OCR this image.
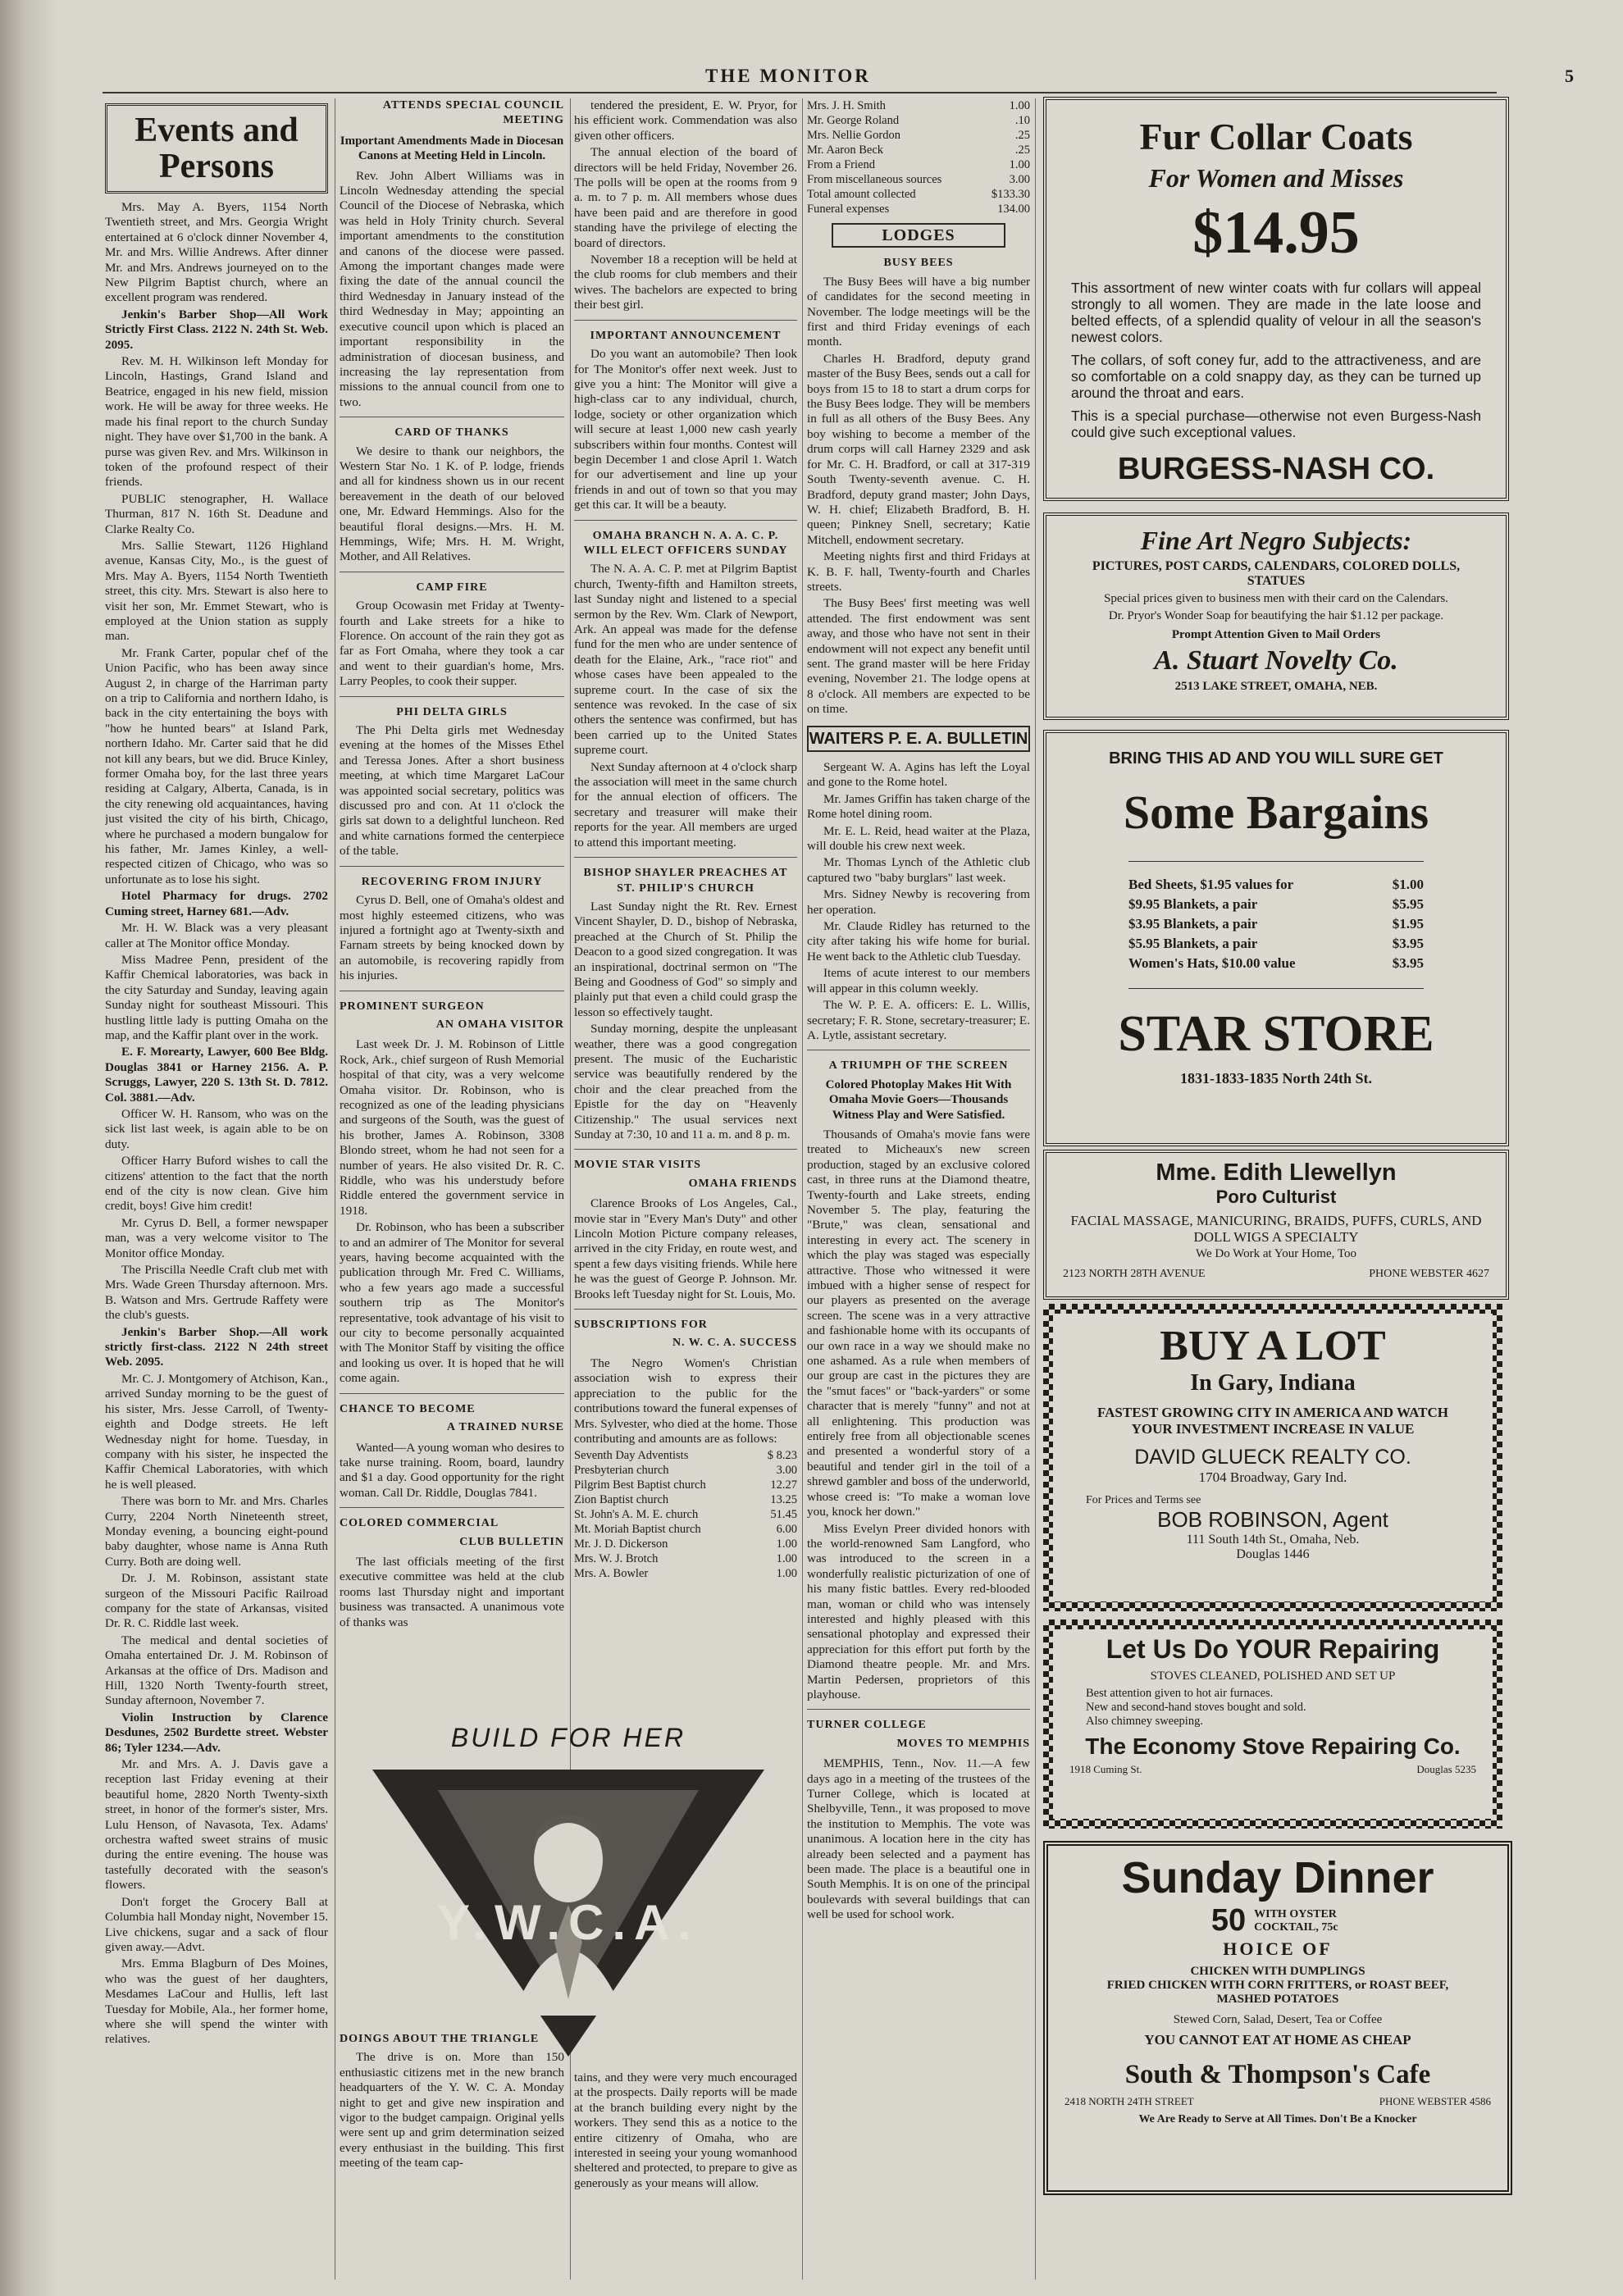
THE MONITOR	5
Events and Persons

Mrs. May A. Byers, 1154 North Twentieth street, and Mrs. Georgia Wright entertained at 6 o'clock dinner November 4, Mr. and Mrs. Willie Andrews. After dinner Mr. and Mrs. Andrews journeyed on to the New Pilgrim Baptist church, where an excellent program was rendered.

Jenkin's Barber Shop—All Work Strictly First Class. 2122 N. 24th St. Web. 2095.

Rev. M. H. Wilkinson left Monday for Lincoln, Hastings, Grand Island and Beatrice, engaged in his new field, mission work. He will be away for three weeks. He made his final report to the church Sunday night. They have over $1,700 in the bank. A purse was given Rev. and Mrs. Wilkinson in token of the profound respect of their friends.

PUBLIC stenographer, H. Wallace Thurman, 817 N. 16th St. Deadune and Clarke Realty Co.

Mrs. Sallie Stewart, 1126 Highland avenue, Kansas City, Mo., is the guest of Mrs. May A. Byers, 1154 North Twentieth street, this city. Mrs. Stewart is also here to visit her son, Mr. Emmet Stewart, who is employed at the Union station as supply man.

Mr. Frank Carter, popular chef of the Union Pacific, who has been away since August 2, in charge of the Harriman party on a trip to California and northern Idaho, is back in the city entertaining the boys with "how he hunted bears" at Island Park, northern Idaho. Mr. Carter said that he did not kill any bears, but we did. Bruce Kinley, former Omaha boy, for the last three years residing at Calgary, Alberta, Canada, is in the city renewing old acquaintances, having just visited the city of his birth, Chicago, where he purchased a modern bungalow for his father, Mr. James Kinley, a well-respected citizen of Chicago, who was so unfortunate as to lose his sight.

Hotel Pharmacy for drugs. 2702 Cuming street, Harney 681.—Adv.

Mr. H. W. Black was a very pleasant caller at The Monitor office Monday.

Miss Madree Penn, president of the Kaffir Chemical laboratories, was back in the city Saturday and Sunday, leaving again Sunday night for southeast Missouri. This hustling little lady is putting Omaha on the map, and the Kaffir plant over in the work.

E. F. Morearty, Lawyer, 600 Bee Bldg. Douglas 3841 or Harney 2156. A. P. Scruggs, Lawyer, 220 S. 13th St. D. 7812. Col. 3881.—Adv.

Officer W. H. Ransom, who was on the sick list last week, is again able to be on duty.

Officer Harry Buford wishes to call the citizens' attention to the fact that the north end of the city is now clean. Give him credit, boys! Give him credit!

Mr. Cyrus D. Bell, a former newspaper man, was a very welcome visitor to The Monitor office Monday.

The Priscilla Needle Craft club met with Mrs. Wade Green Thursday afternoon. Mrs. B. Watson and Mrs. Gertrude Raffety were the club's guests.

Jenkin's Barber Shop.—All work strictly first-class. 2122 N 24th street Web. 2095.

Mr. C. J. Montgomery of Atchison, Kan., arrived Sunday morning to be the guest of his sister, Mrs. Jesse Carroll, of Twenty-eighth and Dodge streets. He left Wednesday night for home. Tuesday, in company with his sister, he inspected the Kaffir Chemical Laboratories, with which he is well pleased.

There was born to Mr. and Mrs. Charles Curry, 2204 North Nineteenth street, Monday evening, a bouncing eight-pound baby daughter, whose name is Anna Ruth Curry. Both are doing well.

Dr. J. M. Robinson, assistant state surgeon of the Missouri Pacific Railroad company for the state of Arkansas, visited Dr. R. C. Riddle last week.

The medical and dental societies of Omaha entertained Dr. J. M. Robinson of Arkansas at the office of Drs. Madison and Hill, 1320 North Twenty-fourth street, Sunday afternoon, November 7.

Violin Instruction by Clarence Desdunes, 2502 Burdette street. Webster 86; Tyler 1234.—Adv.

Mr. and Mrs. A. J. Davis gave a reception last Friday evening at their beautiful home, 2820 North Twenty-sixth street, in honor of the former's sister, Mrs. Lulu Henson, of Navasota, Tex. Adams' orchestra wafted sweet strains of music during the entire evening. The house was tastefully decorated with the season's flowers.

Don't forget the Grocery Ball at Columbia hall Monday night, November 15. Live chickens, sugar and a sack of flour given away.—Advt.

Mrs. Emma Blagburn of Des Moines, who was the guest of her daughters, Mesdames LaCour and Hullis, left last Tuesday for Mobile, Ala., her former home, where she will spend the winter with relatives.

ATTENDS SPECIAL COUNCIL MEETING
Important Amendments Made in Diocesan Canons at Meeting Held in Lincoln.

Rev. John Albert Williams was in Lincoln Wednesday attending the special Council of the Diocese of Nebraska, which was held in Holy Trinity church. Several important amendments to the constitution and canons of the diocese were passed. Among the important changes made were fixing the date of the annual council the third Wednesday in January instead of the third Wednesday in May; appointing an executive council upon which is placed an important responsibility in the administration of diocesan business, and increasing the lay representation from missions to the annual council from one to two.

CARD OF THANKS

We desire to thank our neighbors, the Western Star No. 1 K. of P. lodge, friends and all for kindness shown us in our recent bereavement in the death of our beloved one, Mr. Edward Hemmings. Also for the beautiful floral designs.—Mrs. H. M. Hemmings, Wife; Mrs. H. M. Wright, Mother, and All Relatives.

CAMP FIRE

Group Ocowasin met Friday at Twenty-fourth and Lake streets for a hike to Florence. On account of the rain they got as far as Fort Omaha, where they took a car and went to their guardian's home, Mrs. Larry Peoples, to cook their supper.

PHI DELTA GIRLS

The Phi Delta girls met Wednesday evening at the homes of the Misses Ethel and Teressa Jones. After a short business meeting, at which time Margaret LaCour was appointed social secretary, politics was discussed pro and con. At 11 o'clock the girls sat down to a delightful luncheon. Red and white carnations formed the centerpiece of the table.

RECOVERING FROM INJURY

Cyrus D. Bell, one of Omaha's oldest and most highly esteemed citizens, who was injured a fortnight ago at Twenty-sixth and Farnam streets by being knocked down by an automobile, is recovering rapidly from his injuries.

PROMINENT SURGEON
AN OMAHA VISITOR

Last week Dr. J. M. Robinson of Little Rock, Ark., chief surgeon of Rush Memorial hospital of that city, was a very welcome Omaha visitor. Dr. Robinson, who is recognized as one of the leading physicians and surgeons of the South, was the guest of his brother, James A. Robinson, 3308 Blondo street, whom he had not seen for a number of years. He also visited Dr. R. C. Riddle, who was his understudy before Riddle entered the government service in 1918.

Dr. Robinson, who has been a subscriber to and an admirer of The Monitor for several years, having become acquainted with the publication through Mr. Fred C. Williams, who a few years ago made a successful southern trip as The Monitor's representative, took advantage of his visit to our city to become personally acquainted with The Monitor Staff by visiting the office and looking us over. It is hoped that he will come again.

CHANCE TO BECOME
A TRAINED NURSE

Wanted—A young woman who desires to take nurse training. Room, board, laundry and $1 a day. Good opportunity for the right woman. Call Dr. Riddle, Douglas 7841.

COLORED COMMERCIAL
CLUB BULLETIN

The last officials meeting of the first executive committee was held at the club rooms last Thursday night and important business was transacted. A unanimous vote of thanks was

DOINGS ABOUT THE TRIANGLE

The drive is on. More than 150 enthusiastic citizens met in the new branch headquarters of the Y. W. C. A. Monday night to get and give new inspiration and vigor to the budget campaign. Original yells were sent up and grim determination seized every enthusiast in the building. This first meeting of the team cap-

tendered the president, E. W. Pryor, for his efficient work. Commendation was also given other officers.

The annual election of the board of directors will be held Friday, November 26. The polls will be open at the rooms from 9 a. m. to 7 p. m. All members whose dues have been paid and are therefore in good standing have the privilege of electing the board of directors.

November 18 a reception will be held at the club rooms for club members and their wives. The bachelors are expected to bring their best girl.

IMPORTANT ANNOUNCEMENT

Do you want an automobile? Then look for The Monitor's offer next week. Just to give you a hint: The Monitor will give a high-class car to any individual, church, lodge, society or other organization which will secure at least 1,000 new cash yearly subscribers within four months. Contest will begin December 1 and close April 1. Watch for our advertisement and line up your friends in and out of town so that you may get this car. It will be a beauty.

OMAHA BRANCH N. A. A. C. P. WILL ELECT OFFICERS SUNDAY

The N. A. A. C. P. met at Pilgrim Baptist church, Twenty-fifth and Hamilton streets, last Sunday night and listened to a special sermon by the Rev. Wm. Clark of Newport, Ark. An appeal was made for the defense fund for the men who are under sentence of death for the Elaine, Ark., "race riot" and whose cases have been appealed to the supreme court. In the case of six the sentence was revoked. In the case of six others the sentence was confirmed, but has been carried up to the United States supreme court.

Next Sunday afternoon at 4 o'clock sharp the association will meet in the same church for the annual election of officers. The secretary and treasurer will make their reports for the year. All members are urged to attend this important meeting.

BISHOP SHAYLER PREACHES AT ST. PHILIP'S CHURCH

Last Sunday night the Rt. Rev. Ernest Vincent Shayler, D. D., bishop of Nebraska, preached at the Church of St. Philip the Deacon to a good sized congregation. It was an inspirational, doctrinal sermon on "The Being and Goodness of God" so simply and plainly put that even a child could grasp the lesson so effectively taught.

Sunday morning, despite the unpleasant weather, there was a good congregation present. The music of the Eucharistic service was beautifully rendered by the choir and the clear preached from the Epistle for the day on "Heavenly Citizenship." The usual services next Sunday at 7:30, 10 and 11 a. m. and 8 p. m.

MOVIE STAR VISITS
OMAHA FRIENDS

Clarence Brooks of Los Angeles, Cal., movie star in "Every Man's Duty" and other Lincoln Motion Picture company releases, arrived in the city Friday, en route west, and spent a few days visiting friends. While here he was the guest of George P. Johnson. Mr. Brooks left Tuesday night for St. Louis, Mo.

SUBSCRIPTIONS FOR
N. W. C. A. SUCCESS

The Negro Women's Christian association wish to express their appreciation to the public for the contributions toward the funeral expenses of Mrs. Sylvester, who died at the home. Those contributing and amounts are as follows:

Seventh Day Adventists	$ 8.23
Presbyterian church	3.00
Pilgrim Best Baptist church	12.27
Zion Baptist church	13.25
St. John's A. M. E. church	51.45
Mt. Moriah Baptist church	6.00
Mr. J. D. Dickerson	1.00
Mrs. W. J. Brotch	1.00
Mrs. A. Bowler	1.00
BUILD FOR HER
Y.W.C.A.

tains, and they were very much encouraged at the prospects. Daily reports will be made at the branch building every night by the workers. They send this as a notice to the entire citizenry of Omaha, who are interested in seeing your young womanhood sheltered and protected, to prepare to give as generously as your means will allow.

Mrs. J. H. Smith	1.00
Mr. George Roland	.10
Mrs. Nellie Gordon	.25
Mr. Aaron Beck	.25
From a Friend	1.00
From miscellaneous sources	3.00
Total amount collected	$133.30
Funeral expenses	134.00
LODGES
BUSY BEES

The Busy Bees will have a big number of candidates for the second meeting in November. The lodge meetings will be the first and third Friday evenings of each month.

Charles H. Bradford, deputy grand master of the Busy Bees, sends out a call for boys from 15 to 18 to start a drum corps for the Busy Bees lodge. They will be members in full as all others of the Busy Bees. Any boy wishing to become a member of the drum corps will call Harney 2329 and ask for Mr. C. H. Bradford, or call at 317-319 South Twenty-seventh avenue. C. H. Bradford, deputy grand master; John Days, W. H. chief; Elizabeth Bradford, B. H. queen; Pinkney Snell, secretary; Katie Mitchell, endowment secretary.

Meeting nights first and third Fridays at K. B. F. hall, Twenty-fourth and Charles streets.

The Busy Bees' first meeting was well attended. The first endowment was sent away, and those who have not sent in their endowment will not expect any benefit until sent. The grand master will be here Friday evening, November 21. The lodge opens at 8 o'clock. All members are expected to be on time.

WAITERS P. E. A. BULLETIN

Sergeant W. A. Agins has left the Loyal and gone to the Rome hotel.

Mr. James Griffin has taken charge of the Rome hotel dining room.

Mr. E. L. Reid, head waiter at the Plaza, will double his crew next week.

Mr. Thomas Lynch of the Athletic club captured two "baby burglars" last week.

Mrs. Sidney Newby is recovering from her operation.

Mr. Claude Ridley has returned to the city after taking his wife home for burial. He went back to the Athletic club Tuesday.

Items of acute interest to our members will appear in this column weekly.

The W. P. E. A. officers: E. L. Willis, secretary; F. R. Stone, secretary-treasurer; E. A. Lytle, assistant secretary.

A TRIUMPH OF THE SCREEN
Colored Photoplay Makes Hit With Omaha Movie Goers—Thousands Witness Play and Were Satisfied.

Thousands of Omaha's movie fans were treated to Micheaux's new screen production, staged by an exclusive colored cast, in three runs at the Diamond theatre, Twenty-fourth and Lake streets, ending November 5. The play, featuring the "Brute," was clean, sensational and interesting in every act. The scenery in which the play was staged was especially attractive. Those who witnessed it were imbued with a higher sense of respect for our players as presented on the average screen. The scene was in a very attractive and fashionable home with its occupants of our own race in a way we should make no one ashamed. As a rule when members of our group are cast in the pictures they are the "smut faces" or "back-yarders" or some character that is merely "funny" and not at all enlightening. This production was entirely free from all objectionable scenes and presented a wonderful story of a beautiful and tender girl in the toil of a shrewd gambler and boss of the underworld, whose creed is: "To make a woman love you, knock her down."

Miss Evelyn Preer divided honors with the world-renowned Sam Langford, who was introduced to the screen in a wonderfully realistic picturization of one of his many fistic battles. Every red-blooded man, woman or child who was intensely interested and highly pleased with this sensational photoplay and expressed their appreciation for this effort put forth by the Diamond theatre people. Mr. and Mrs. Martin Pedersen, proprietors of this playhouse.

TURNER COLLEGE
MOVES TO MEMPHIS

MEMPHIS, Tenn., Nov. 11.—A few days ago in a meeting of the trustees of the Turner College, which is located at Shelbyville, Tenn., it was proposed to move the institution to Memphis. The vote was unanimous. A location here in the city has already been selected and a payment has been made. The place is a beautiful one in South Memphis. It is on one of the principal boulevards with several buildings that can well be used for school work.

Fur Collar Coats
For Women and Misses
$14.95

This assortment of new winter coats with fur collars will appeal strongly to all women. They are made in the late loose and belted effects, of a splendid quality of velour in all the season's newest colors.

The collars, of soft coney fur, add to the attractiveness, and are so comfortable on a cold snappy day, as they can be turned up around the throat and ears.

This is a special purchase—otherwise not even Burgess-Nash could give such exceptional values.

BURGESS-NASH CO.
Fine Art Negro Subjects:
PICTURES, POST CARDS, CALENDARS, COLORED DOLLS, STATUES
Special prices given to business men with their card on the Calendars.
Dr. Pryor's Wonder Soap for beautifying the hair $1.12 per package.
Prompt Attention Given to Mail Orders
A. Stuart Novelty Co.
2513 LAKE STREET, OMAHA, NEB.
BRING THIS AD AND YOU WILL SURE GET
Some Bargains
Bed Sheets, $1.95 values for	$1.00
$9.95 Blankets, a pair	$5.95
$3.95 Blankets, a pair	$1.95
$5.95 Blankets, a pair	$3.95
Women's Hats, $10.00 value	$3.95
STAR STORE
1831-1833-1835 North 24th St.
Mme. Edith Llewellyn
Poro Culturist
FACIAL MASSAGE, MANICURING, BRAIDS, PUFFS, CURLS, AND DOLL WIGS A SPECIALTY
We Do Work at Your Home, Too
2123 NORTH 28TH AVENUE	PHONE WEBSTER 4627
BUY A LOT
In Gary, Indiana
FASTEST GROWING CITY IN AMERICA AND WATCH YOUR INVESTMENT INCREASE IN VALUE
DAVID GLUECK REALTY CO.
1704 Broadway, Gary Ind.
For Prices and Terms see
BOB ROBINSON, Agent
111 South 14th St., Omaha, Neb.
Douglas 1446
Let Us Do YOUR Repairing
STOVES CLEANED, POLISHED AND SET UP
Best attention given to hot air furnaces.
New and second-hand stoves bought and sold.
Also chimney sweeping.
The Economy Stove Repairing Co.
1918 Cuming St.	Douglas 5235
Sunday Dinner
50 WITH OYSTER COCKTAIL, 75c
HOICE OF
CHICKEN WITH DUMPLINGS
FRIED CHICKEN WITH CORN FRITTERS, or ROAST BEEF, MASHED POTATOES
Stewed Corn, Salad, Desert, Tea or Coffee
YOU CANNOT EAT AT HOME AS CHEAP
South & Thompson's Cafe
2418 NORTH 24TH STREET	PHONE WEBSTER 4586
We Are Ready to Serve at All Times. Don't Be a Knocker
